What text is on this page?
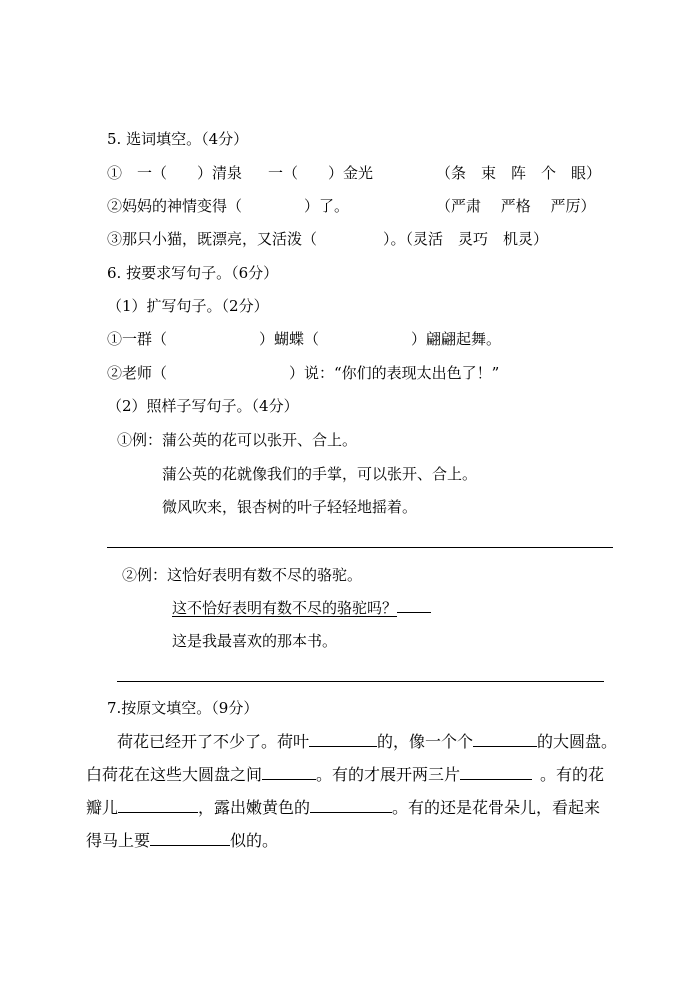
5. 选词填空。（4分）
①　一（　　）清泉 一（　　）金光	（条　束　阵　个　眼）
②妈妈的神情变得（	）了。	（严肃　 严格　 严厉）
③那只小猫，既漂亮，又活泼（	）。（灵活　灵巧　机灵）
6. 按要求写句子。（6分）
（1）扩写句子。（2分）
①一群（	）蝴蝶（	）翩翩起舞。
②老师（	）说：“你们的表现太出色了！”
（2）照样子写句子。（4分）
①例：蒲公英的花可以张开、合上。
蒲公英的花就像我们的手掌，可以张开、合上。
微风吹来，银杏树的叶子轻轻地摇着。
②例：这恰好表明有数不尽的骆驼。
这不恰好表明有数不尽的骆驼吗？
这是我最喜欢的那本书。
7.按原文填空。（9分）
荷花已经开了不少了。荷叶	的，像一个个	的大圆盘。
白荷花在这些大圆盘之间	。有的才展开两三片	。有的花
瓣儿	，露出嫩黄色的	。有的还是花骨朵儿，看起来
得马上要	似的。
